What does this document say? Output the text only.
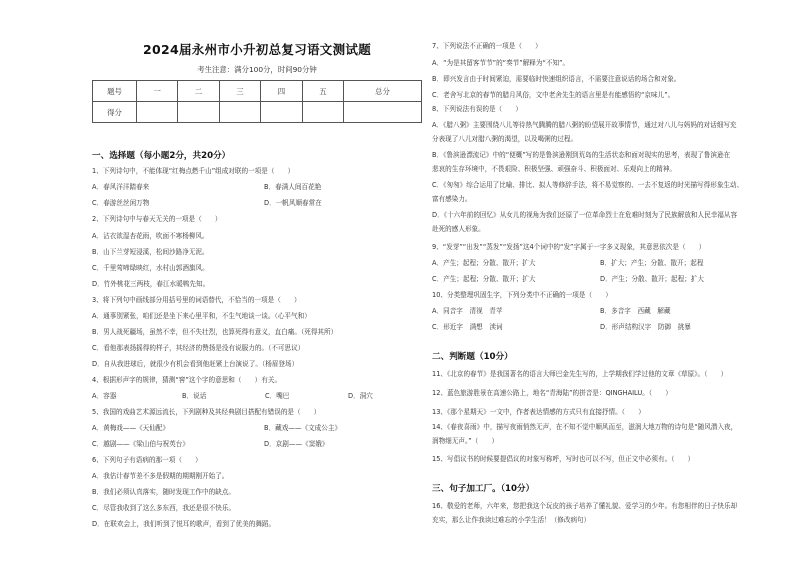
2024届永州市小升初总复习语文测试题
考生注意：满分100分，时间90分钟
题号	一	二	三	四	五	总分
得分						
一、选择题（每小题2分，共20分）
1、下列诗句中，不能体现“红梅点燃千山”组成对联的一项是（　　）
A．春风洋洋踏春来	B．春满人间百花艳
C．春游丝丝闲万物	D．一帆风顺春常在
2、下列诗句中与春天无关的一项是（　　）
A．沾衣欲湿杏花雨，吹面不寒杨柳风。
B．山下兰芽短浸溪，松间沙路净无泥。
C．千里莺啼绿映红，水村山郭酒旗风。
D．竹外桃花三两枝，春江水暖鸭先知。
3、将下列句中画线部分用括号里的词语替代，不恰当的一项是（　　）
A．通事别紧张，咱们还是坐下来心里平和，不生气地谈一谈。（心平气和）
B．男人战死疆场，虽然不幸，但不失壮烈，也算死得有意义，直白痛。（死得其所）
C．看他那表扬摇得的样子，其经济的赞扬是没有说服力的。（不可思议）
D．自从我进球后，就很少有机会看到他赶紧上台演说了。（杨眉登场）
4、根据形声字的规律，猜测“窖”这个字的意思和（　　）有关。
A．容器	B．说话	C．嘴巴	D．洞穴
5、我国的戏曲艺术源远流长，下列剧种及其经典剧目搭配有错误的是（　　）
A．黄梅戏——《天仙配》	B．藏戏——《文成公主》
C．越剧——《梁山伯与祝英台》	D．京剧——《窦娥》
6、下列句子有语病的那一项（　　）
A．我估计春节差不多是假期的期期刚开始了。
B．我们必须认真落实，随时发现工作中的缺点。
C．尽管我收到了这么多东西，我还是很不快乐。
D．在联欢会上，我们听到了悦耳的歌声，看到了优美的舞蹈。
7、下列说法不正确的一项是（　　）
A．“为是其留客节节”的“奏节”解释为“不知”。
B．即兴发言由于时间紧迫，需要临时快速组织语言，不需要注意说话的场合和对象。
C．老舍写北京的春节的腊月风俗，文中老舍先生的语言里是有能感悟的“京味儿”。
8、下列说法有误的是（　　）
A．《腊八粥》主要围绕八儿等待热气腾腾的腊八粥的盼望展开故事情节，通过对八儿与妈妈的对话细写充
分表现了八儿对腊八粥的渴望，以及喝粥的过程。
B．《鲁滨逊漂流记》中的“便概”写的是鲁滨逊刚到荒岛的生活状态和面对现实的思考，表现了鲁滨逊在
悲哀的生存环境中，不畏艰险、积极坚强、顽强奋斗、积极面对、乐观向上的精神。
C．《匆匆》综合运用了比喻、排比、拟人等修辞手法，将不易觉察的、一去不复返的时光描写得形象生动、
富有感染力。
D．《十六年前的回忆》从女儿的视角为我们还原了一位革命烈士在危难时刻为了民族解放和人民幸福从容
赴死的感人形象。
9、“发芽”“出发”“蒸发”“发扬”这4个词中的“发”字属于一字多义现象，其意思依次是（　　）
A．产生；起程；分散、散开；扩大	B．扩大；产生；分散、散开；起程
C．产生；起程；分散、散开；扩大	D．产生；分散、散开；起程；扩大
10、分类整理巩固生字，下列分类中不正确的一项是（　　）
A．同音字　清视　青苹	B．多音字　西藏　解藏
C．形近字　满想　渎词	D．形声结构汉字　防御　挑暴
二、判断题（10分）
11、《北京的春节》是我国著名的语言大师巴金先生写的，上学期我们学过他的文章《草原》。（　　）
12、蓝色旅游胜景在高速公路上，地名“青海陆”的拼音是：QINGHAILU。（　　）
13、《那个星期天》一文中，作者表达情感的方式只有直接抒情。（　　）
14、《春夜喜雨》中，描写夜雨悄然无声，在不知不觉中顺风而至，滋润大地万物的诗句是“随风潜入夜，
润物细无声。”（　　）
15、写倡议书的时候要提倡议的对象写称呼，写时也可以不写，但正文中必须有。（　　）
三、句子加工厂。（10分）
16、敬爱的老师，六年来，您把我这个玩皮的孩子培养了懂礼貌、爱学习的少年。有您相伴的日子快乐却
充实，那么让作我读过难忘的小学生活！（修改病句）
